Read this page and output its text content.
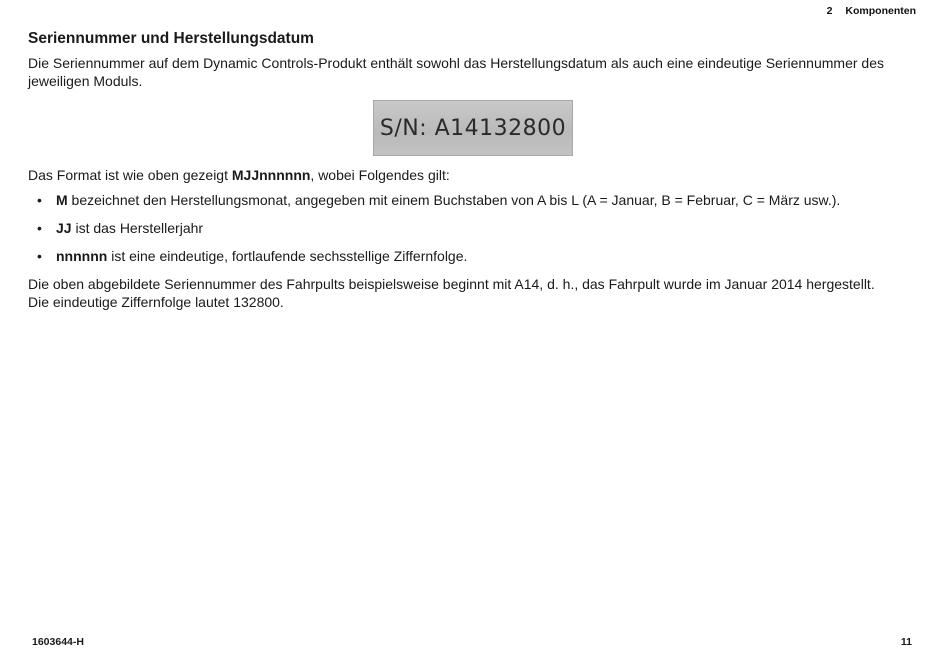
2 Komponenten
Seriennummer und Herstellungsdatum

Die Seriennummer auf dem Dynamic Controls-Produkt enthält sowohl das Herstellungsdatum als auch eine eindeutige Seriennummer des jeweiligen Moduls.

S/N: A14132800

Das Format ist wie oben gezeigt MJJnnnnnn, wobei Folgendes gilt:

• M bezeichnet den Herstellungsmonat, angegeben mit einem Buchstaben von A bis L (A = Januar, B = Februar, C = März usw.).
• JJ ist das Herstellerjahr
• nnnnnn ist eine eindeutige, fortlaufende sechsstellige Ziffernfolge.

Die oben abgebildete Seriennummer des Fahrpults beispielsweise beginnt mit A14, d. h., das Fahrpult wurde im Januar 2014 hergestellt. Die eindeutige Ziffernfolge lautet 132800.

1603644-H	11
